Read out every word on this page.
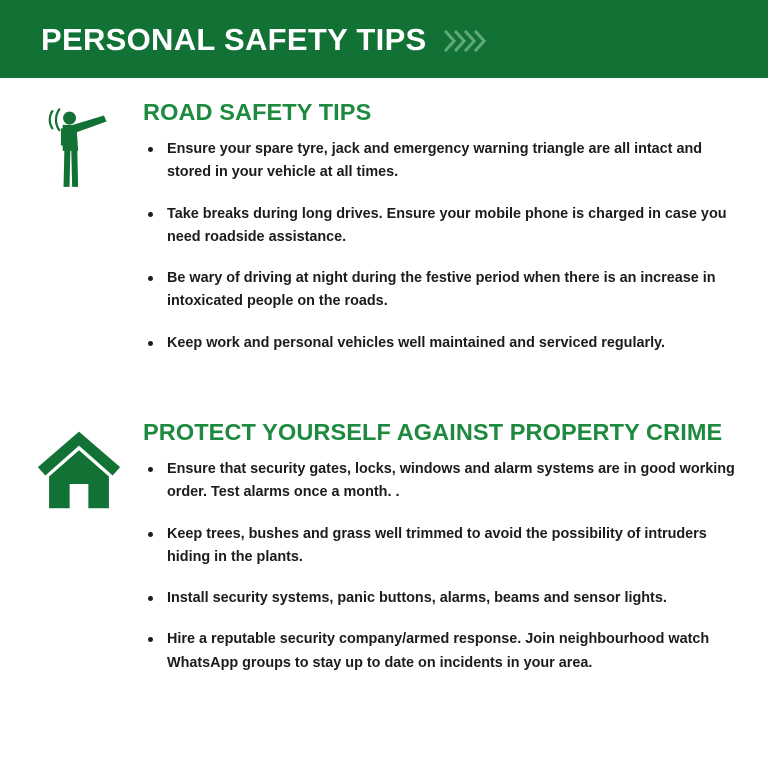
PERSONAL SAFETY TIPS
ROAD SAFETY TIPS
Ensure your spare tyre, jack and emergency warning triangle are all intact and stored in your vehicle at all times.
Take breaks during long drives. Ensure your mobile phone is charged in case you need roadside assistance.
Be wary of driving at night during the festive period when there is an increase in intoxicated people on the roads.
Keep work and personal vehicles well maintained and serviced regularly.
PROTECT YOURSELF AGAINST PROPERTY CRIME
Ensure that security gates, locks, windows and alarm systems are in good working order. Test alarms once a month. .
Keep trees, bushes and grass well trimmed to avoid the possibility of intruders hiding in the plants.
Install security systems, panic buttons, alarms, beams and sensor lights.
Hire a reputable security company/armed response. Join neighbourhood watch WhatsApp groups to stay up to date on incidents in your area.
